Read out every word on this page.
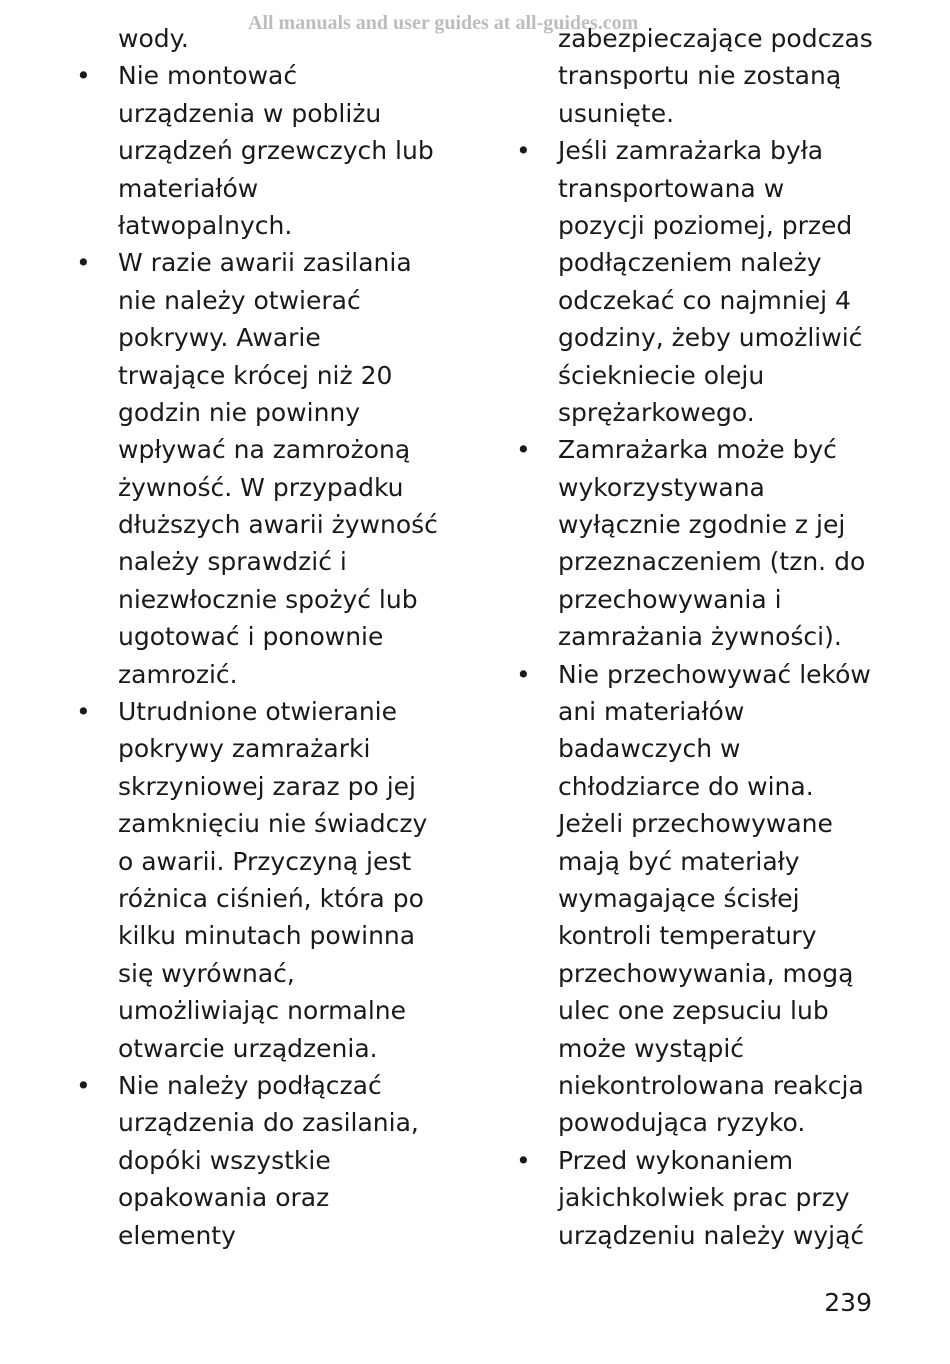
All manuals and user guides at all-guides.com
wody.
• Nie montować
urządzenia w pobliżu
urządzeń grzewczych lub
materiałów
łatwopalnych.
• W razie awarii zasilania
nie należy otwierać
pokrywy. Awarie
trwające krócej niż 20
godzin nie powinny
wpływać na zamrożoną
żywność. W przypadku
dłuższych awarii żywność
należy sprawdzić i
niezwłocznie spożyć lub
ugotować i ponownie
zamrozić.
• Utrudnione otwieranie
pokrywy zamrażarki
skrzyniowej zaraz po jej
zamknięciu nie świadczy
o awarii. Przyczyną jest
różnica ciśnień, która po
kilku minutach powinna
się wyrównać,
umożliwiając normalne
otwarcie urządzenia.
• Nie należy podłączać
urządzenia do zasilania,
dopóki wszystkie
opakowania oraz
elementy
zabezpieczające podczas
transportu nie zostaną
usunięte.
• Jeśli zamrażarka była
transportowana w
pozycji poziomej, przed
podłączeniem należy
odczekać co najmniej 4
godziny, żeby umożliwić
ściekniecie oleju
sprężarkowego.
• Zamrażarka może być
wykorzystywana
wyłącznie zgodnie z jej
przeznaczeniem (tzn. do
przechowywania i
zamrażania żywności).
• Nie przechowywać leków
ani materiałów
badawczych w
chłodziarce do wina.
Jeżeli przechowywane
mają być materiały
wymagające ścisłej
kontroli temperatury
przechowywania, mogą
ulec one zepsuciu lub
może wystąpić
niekontrolowana reakcja
powodująca ryzyko.
• Przed wykonaniem
jakichkolwiek prac przy
urządzeniu należy wyjąć
239
